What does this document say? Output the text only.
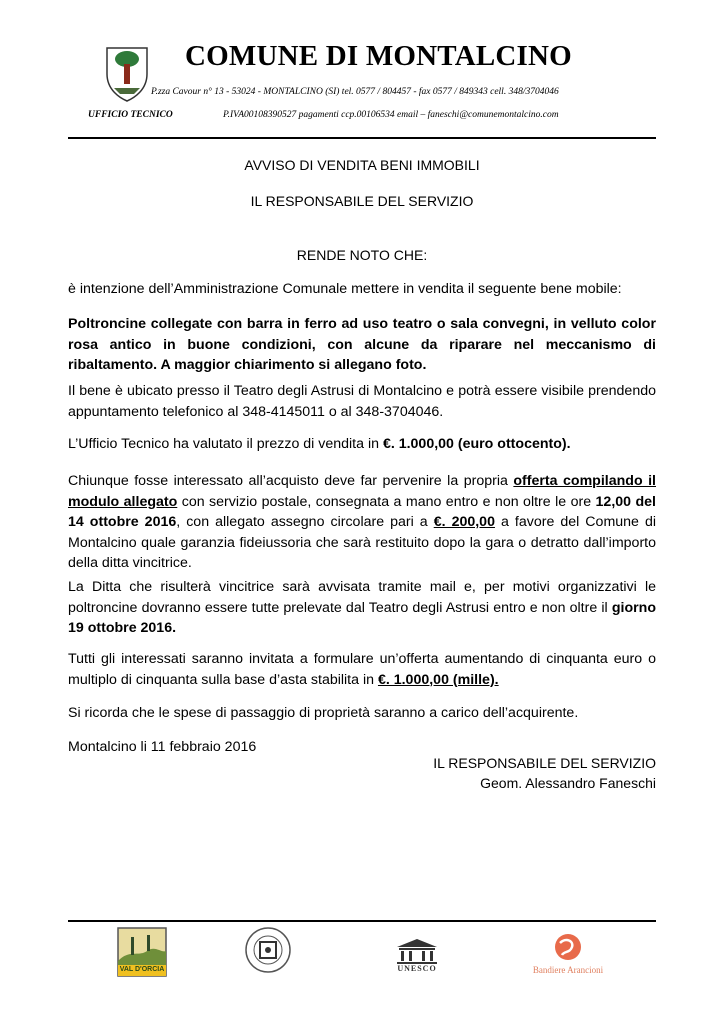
COMUNE DI MONTALCINO
P.zza Cavour n° 13 - 53024 - MONTALCINO (SI) tel. 0577 / 804457 - fax 0577 / 849343 cell. 348/3704046
UFFICIO TECNICO	P.IVA00108390527 pagamenti ccp.00106534 email – faneschi@comunemontalcino.com
AVVISO DI VENDITA BENI IMMOBILI
IL RESPONSABILE DEL SERVIZIO
RENDE NOTO CHE:
è intenzione dell’Amministrazione Comunale mettere in vendita il seguente bene mobile:
Poltroncine collegate con barra in ferro ad uso teatro o sala convegni, in velluto color rosa antico in buone condizioni, con alcune da riparare nel meccanismo di ribaltamento. A maggior chiarimento si allegano foto.
Il bene è ubicato presso il Teatro degli Astrusi di Montalcino e potrà essere visibile prendendo appuntamento telefonico al 348-4145011 o al 348-3704046.
L’Ufficio Tecnico ha valutato il prezzo di vendita in €. 1.000,00 (euro ottocento).
Chiunque fosse interessato all’acquisto deve far pervenire la propria offerta compilando il modulo allegato con servizio postale, consegnata a mano entro e non oltre le ore 12,00 del 14 ottobre 2016, con allegato assegno circolare pari a €. 200,00 a favore del Comune di Montalcino quale garanzia fideiussoria che sarà restituito dopo la gara o detratto dall’importo della ditta vincitrice.
La Ditta che risulterà vincitrice sarà avvisata tramite mail e, per motivi organizzativi le poltroncine dovranno essere tutte prelevate dal Teatro degli Astrusi entro e non oltre il giorno 19 ottobre 2016.
Tutti gli interessati saranno invitata a formulare un’offerta aumentando di cinquanta euro o multiplo di cinquanta sulla base d’asta stabilita in €. 1.000,00 (mille).
Si ricorda che le spese di passaggio di proprietà saranno a carico dell’acquirente.
Montalcino li 11 febbraio 2016
IL RESPONSABILE DEL SERVIZIO
Geom. Alessandro Faneschi
VAL D'ORCIA	UNESCO	Bandiere Arancioni
